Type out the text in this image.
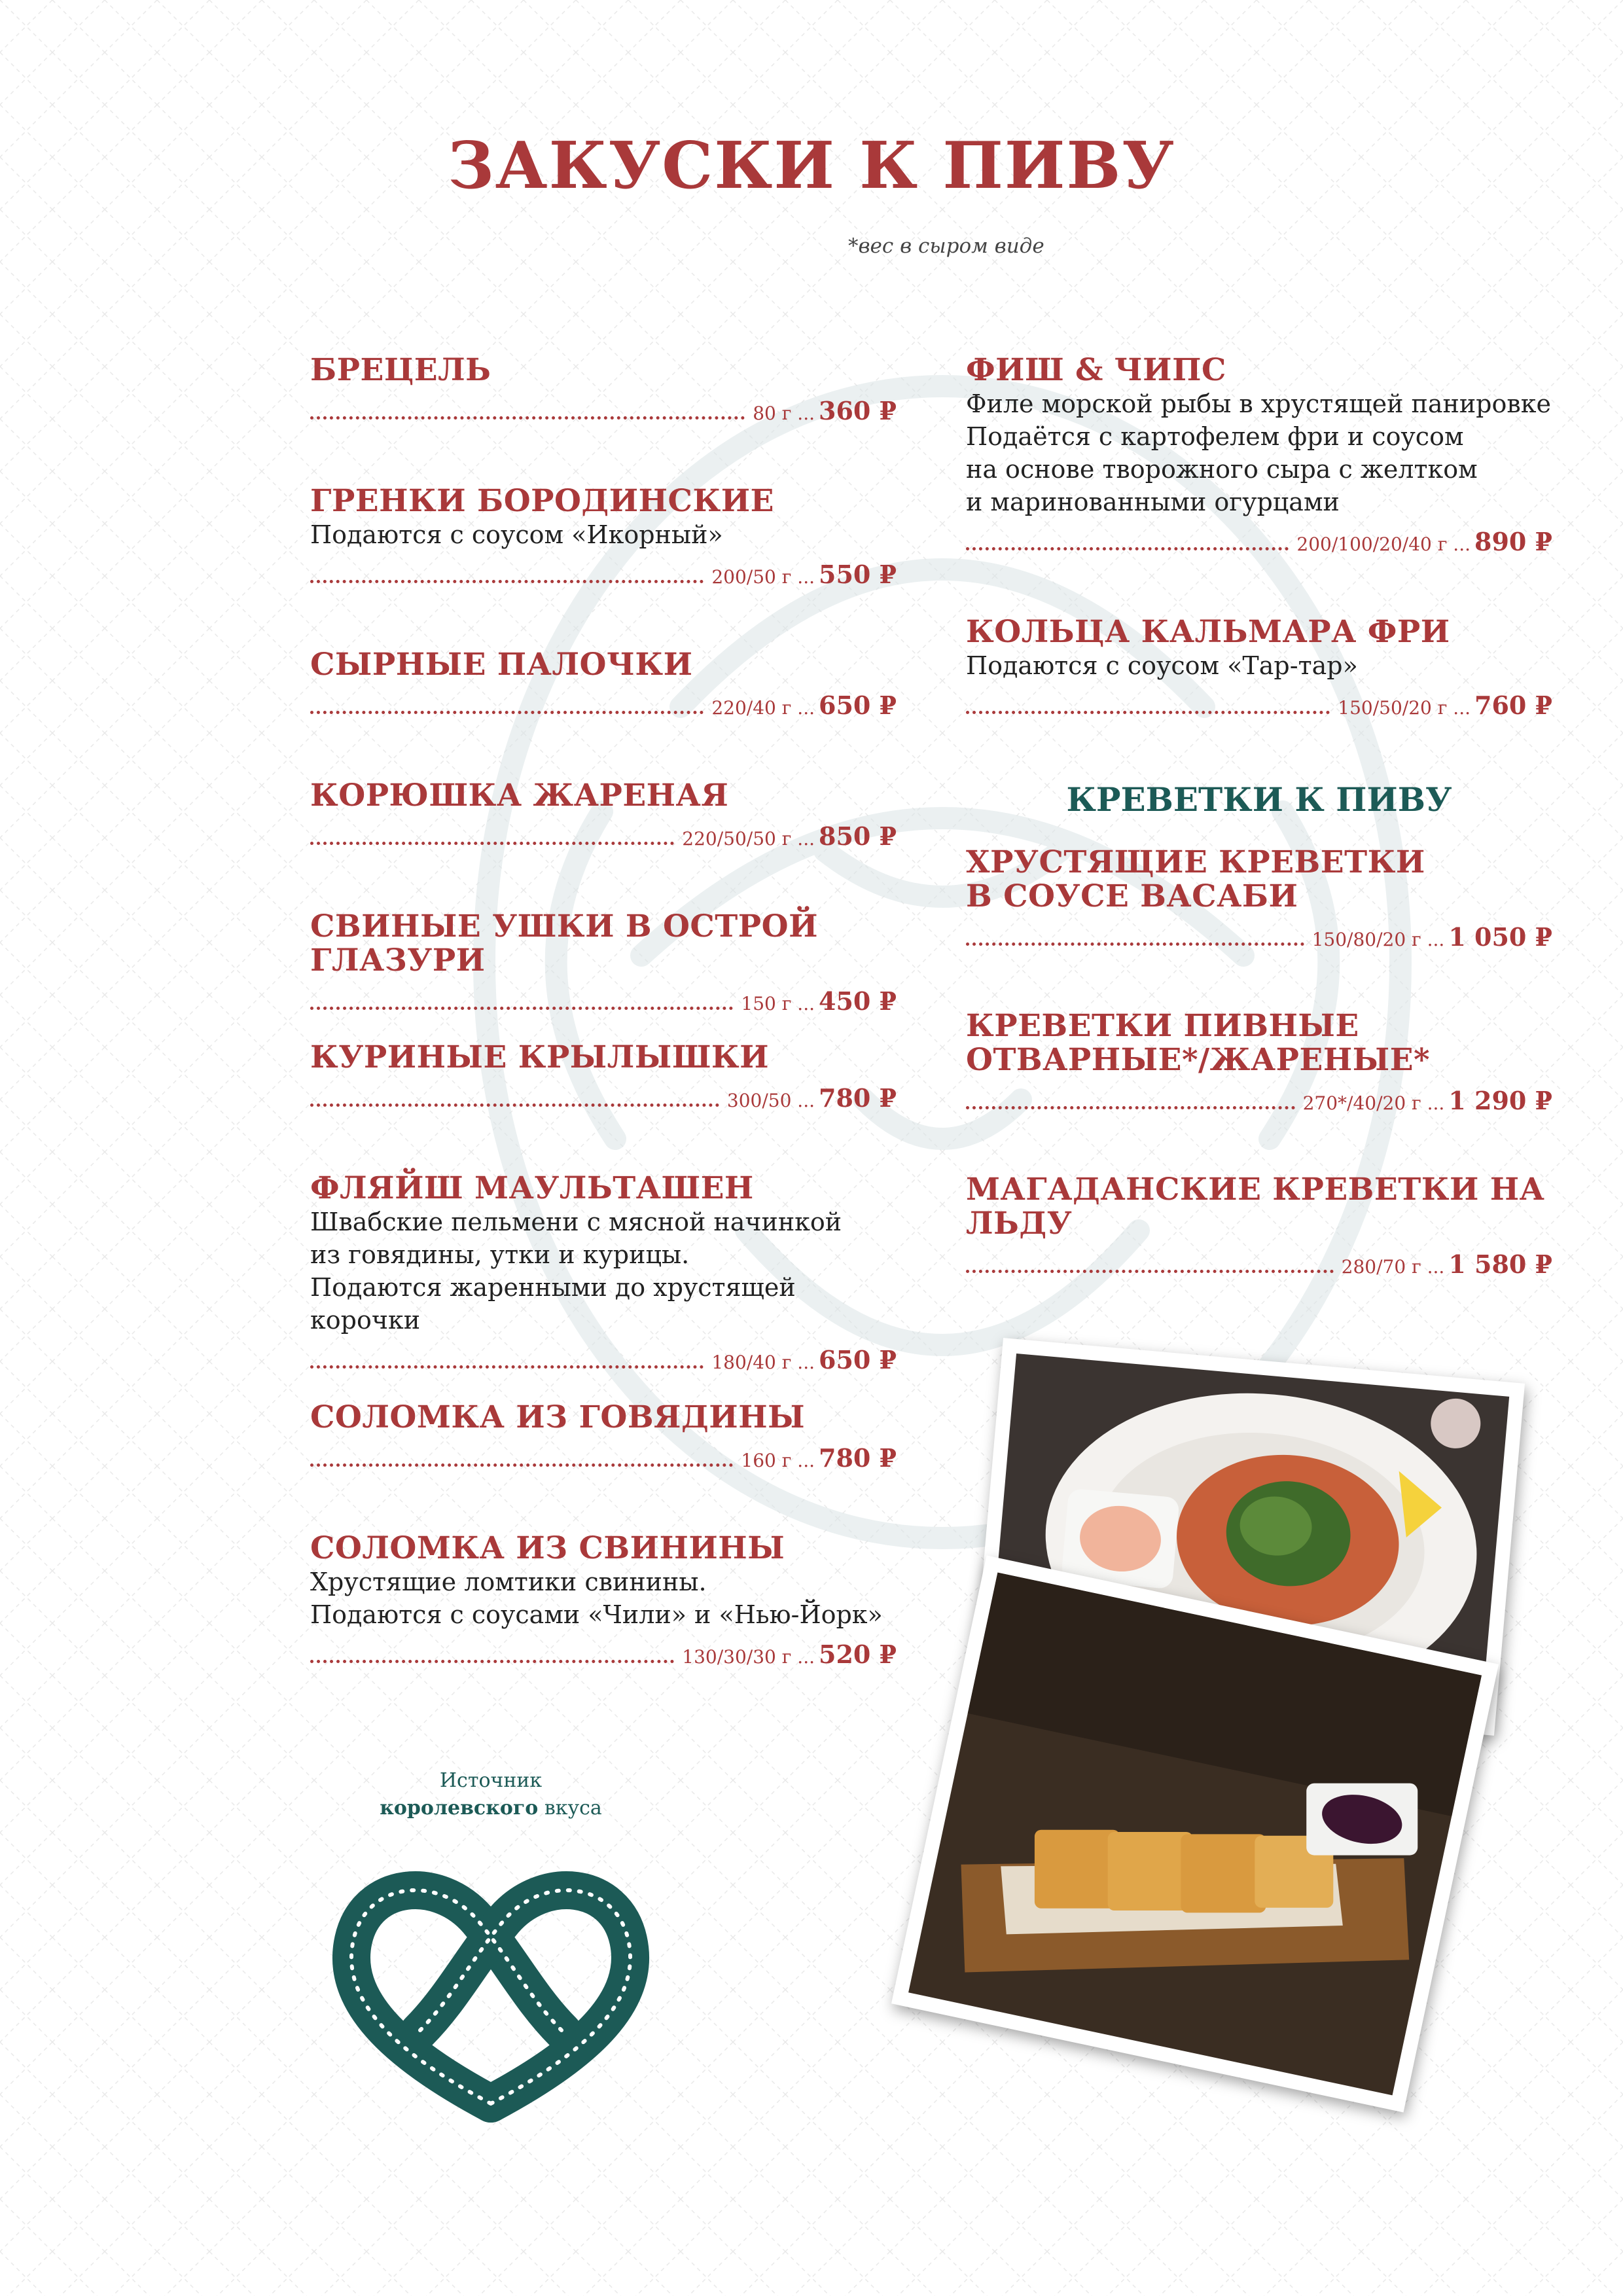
ЗАКУСКИ К ПИВУ
*вес в сыром виде
БРЕЦЕЛЬ
80 г ... 360 ₽
ГРЕНКИ БОРОДИНСКИЕ
Подаются с соусом «Икорный»
200/50 г ... 550 ₽
СЫРНЫЕ ПАЛОЧКИ
220/40 г ... 650 ₽
КОРЮШКА ЖАРЕНАЯ
220/50/50 г ... 850 ₽
СВИНЫЕ УШКИ В ОСТРОЙ ГЛАЗУРИ
150 г ... 450 ₽
КУРИНЫЕ КРЫЛЫШКИ
300/50 ... 780 ₽
ФЛЯЙШ МАУЛЬТАШЕН
Швабские пельмени с мясной начинкой
из говядины, утки и курицы.
Подаются жаренными до хрустящей корочки
180/40 г ... 650 ₽
СОЛОМКА ИЗ ГОВЯДИНЫ
160 г ... 780 ₽
СОЛОМКА ИЗ СВИНИНЫ
Хрустящие ломтики свинины.
Подаются с соусами «Чили» и «Нью-Йорк»
130/30/30 г ... 520 ₽
ФИШ & ЧИПС
Филе морской рыбы в хрустящей панировке
Подаётся с картофелем фри и соусом
на основе творожного сыра с желтком
и маринованными огурцами
200/100/20/40 г ... 890 ₽
КОЛЬЦА КАЛЬМАРА ФРИ
Подаются с соусом «Тар-тар»
150/50/20 г ... 760 ₽
КРЕВЕТКИ К ПИВУ
ХРУСТЯЩИЕ КРЕВЕТКИ
В СОУСЕ ВАСАБИ
150/80/20 г ... 1 050 ₽
КРЕВЕТКИ ПИВНЫЕ
ОТВАРНЫЕ*/ЖАРЕНЫЕ*
270*/40/20 г ... 1 290 ₽
МАГАДАНСКИЕ КРЕВЕТКИ НА ЛЬДУ
280/70 г ... 1 580 ₽
Источник
королевского вкуса
